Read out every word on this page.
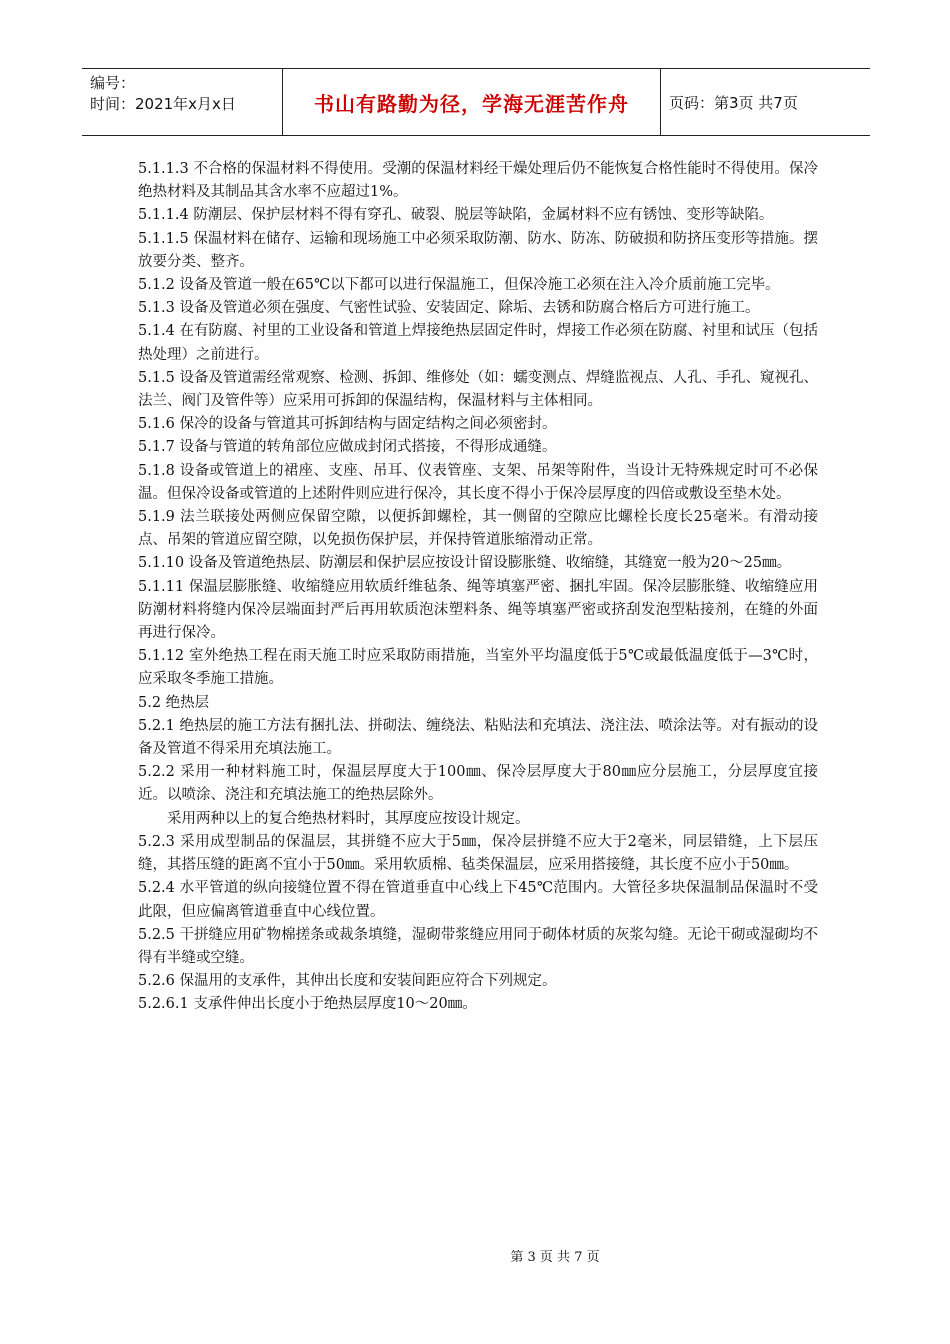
编号：
时间：2021年x月x日	书山有路勤为径，学海无涯苦作舟	页码：第3页 共7页

5.1.1.3 不合格的保温材料不得使用。受潮的保温材料经干燥处理后仍不能恢复合格性能时不得使用。保冷绝热材料及其制品其含水率不应超过1%。

5.1.1.4 防潮层、保护层材料不得有穿孔、破裂、脱层等缺陷，金属材料不应有锈蚀、变形等缺陷。

5.1.1.5 保温材料在储存、运输和现场施工中必须采取防潮、防水、防冻、防破损和防挤压变形等措施。摆放要分类、整齐。

5.1.2 设备及管道一般在65℃以下都可以进行保温施工，但保冷施工必须在注入冷介质前施工完毕。

5.1.3 设备及管道必须在强度、气密性试验、安装固定、除垢、去锈和防腐合格后方可进行施工。

5.1.4 在有防腐、衬里的工业设备和管道上焊接绝热层固定件时，焊接工作必须在防腐、衬里和试压（包括热处理）之前进行。

5.1.5 设备及管道需经常观察、检测、拆卸、维修处（如：蠕变测点、焊缝监视点、人孔、手孔、窥视孔、法兰、阀门及管件等）应采用可拆卸的保温结构，保温材料与主体相同。

5.1.6 保冷的设备与管道其可拆卸结构与固定结构之间必须密封。

5.1.7 设备与管道的转角部位应做成封闭式搭接，不得形成通缝。

5.1.8 设备或管道上的裙座、支座、吊耳、仪表管座、支架、吊架等附件，当设计无特殊规定时可不必保温。但保冷设备或管道的上述附件则应进行保冷，其长度不得小于保冷层厚度的四倍或敷设至垫木处。

5.1.9 法兰联接处两侧应保留空隙，以便拆卸螺栓，其一侧留的空隙应比螺栓长度长25毫米。有滑动接点、吊架的管道应留空隙，以免损伤保护层，并保持管道胀缩滑动正常。

5.1.10 设备及管道绝热层、防潮层和保护层应按设计留设膨胀缝、收缩缝，其缝宽一般为20～25㎜。

5.1.11 保温层膨胀缝、收缩缝应用软质纤维毡条、绳等填塞严密、捆扎牢固。保冷层膨胀缝、收缩缝应用防潮材料将缝内保冷层端面封严后再用软质泡沫塑料条、绳等填塞严密或挤刮发泡型粘接剂，在缝的外面再进行保冷。

5.1.12 室外绝热工程在雨天施工时应采取防雨措施，当室外平均温度低于5℃或最低温度低于—3℃时，应采取冬季施工措施。

5.2 绝热层

5.2.1 绝热层的施工方法有捆扎法、拼砌法、缠绕法、粘贴法和充填法、浇注法、喷涂法等。对有振动的设备及管道不得采用充填法施工。

5.2.2 采用一种材料施工时，保温层厚度大于100㎜、保冷层厚度大于80㎜应分层施工，分层厚度宜接近。以喷涂、浇注和充填法施工的绝热层除外。

采用两种以上的复合绝热材料时，其厚度应按设计规定。

5.2.3 采用成型制品的保温层，其拼缝不应大于5㎜，保冷层拼缝不应大于2毫米，同层错缝，上下层压缝，其搭压缝的距离不宜小于50㎜。采用软质棉、毡类保温层，应采用搭接缝，其长度不应小于50㎜。

5.2.4 水平管道的纵向接缝位置不得在管道垂直中心线上下45℃范围内。大管径多块保温制品保温时不受此限，但应偏离管道垂直中心线位置。

5.2.5 干拼缝应用矿物棉搓条或裁条填缝，湿砌带浆缝应用同于砌体材质的灰浆勾缝。无论干砌或湿砌均不得有半缝或空缝。

5.2.6 保温用的支承件，其伸出长度和安装间距应符合下列规定。

5.2.6.1 支承件伸出长度小于绝热层厚度10～20㎜。

第 3 页 共 7 页
